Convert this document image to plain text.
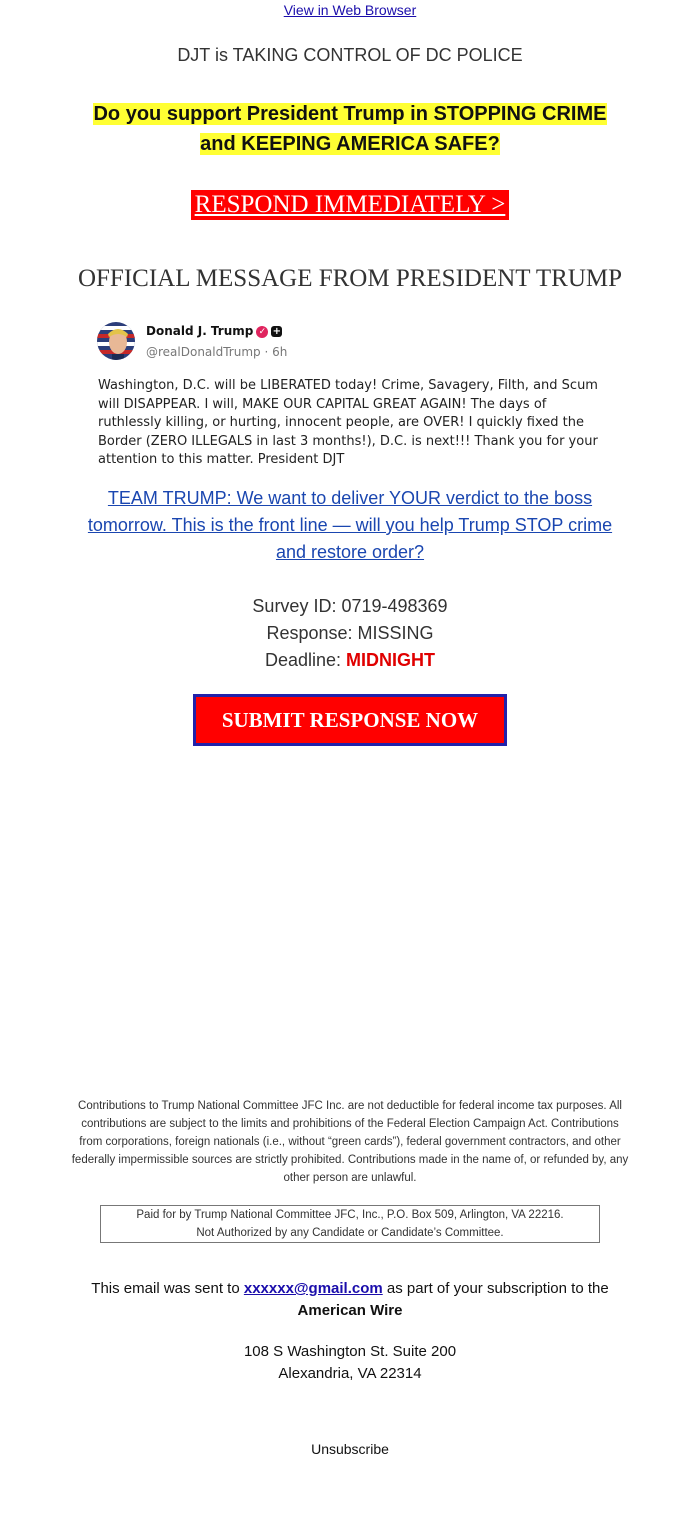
View in Web Browser
DJT is TAKING CONTROL OF DC POLICE
Do you support President Trump in STOPPING CRIME
and KEEPING AMERICA SAFE?
RESPOND IMMEDIATELY >
OFFICIAL MESSAGE FROM PRESIDENT TRUMP
Donald J. Trump ✓ +
@realDonaldTrump · 6h
Washington, D.C. will be LIBERATED today! Crime, Savagery, Filth, and Scum will DISAPPEAR. I will, MAKE OUR CAPITAL GREAT AGAIN! The days of ruthlessly killing, or hurting, innocent people, are OVER! I quickly fixed the Border (ZERO ILLEGALS in last 3 months!), D.C. is next!!! Thank you for your attention to this matter. President DJT
TEAM TRUMP: We want to deliver YOUR verdict to the boss tomorrow. This is the front line — will you help Trump STOP crime and restore order?
Survey ID: 0719-498369
Response: MISSING
Deadline: MIDNIGHT
SUBMIT RESPONSE NOW
Contributions to Trump National Committee JFC Inc. are not deductible for federal income tax purposes. All contributions are subject to the limits and prohibitions of the Federal Election Campaign Act. Contributions from corporations, foreign nationals (i.e., without “green cards”), federal government contractors, and other federally impermissible sources are strictly prohibited. Contributions made in the name of, or refunded by, any other person are unlawful.
Paid for by Trump National Committee JFC, Inc., P.O. Box 509, Arlington, VA 22216.
Not Authorized by any Candidate or Candidate’s Committee.
This email was sent to xxxxxx@gmail.com as part of your subscription to the
American Wire
108 S Washington St. Suite 200
Alexandria, VA 22314
Unsubscribe
